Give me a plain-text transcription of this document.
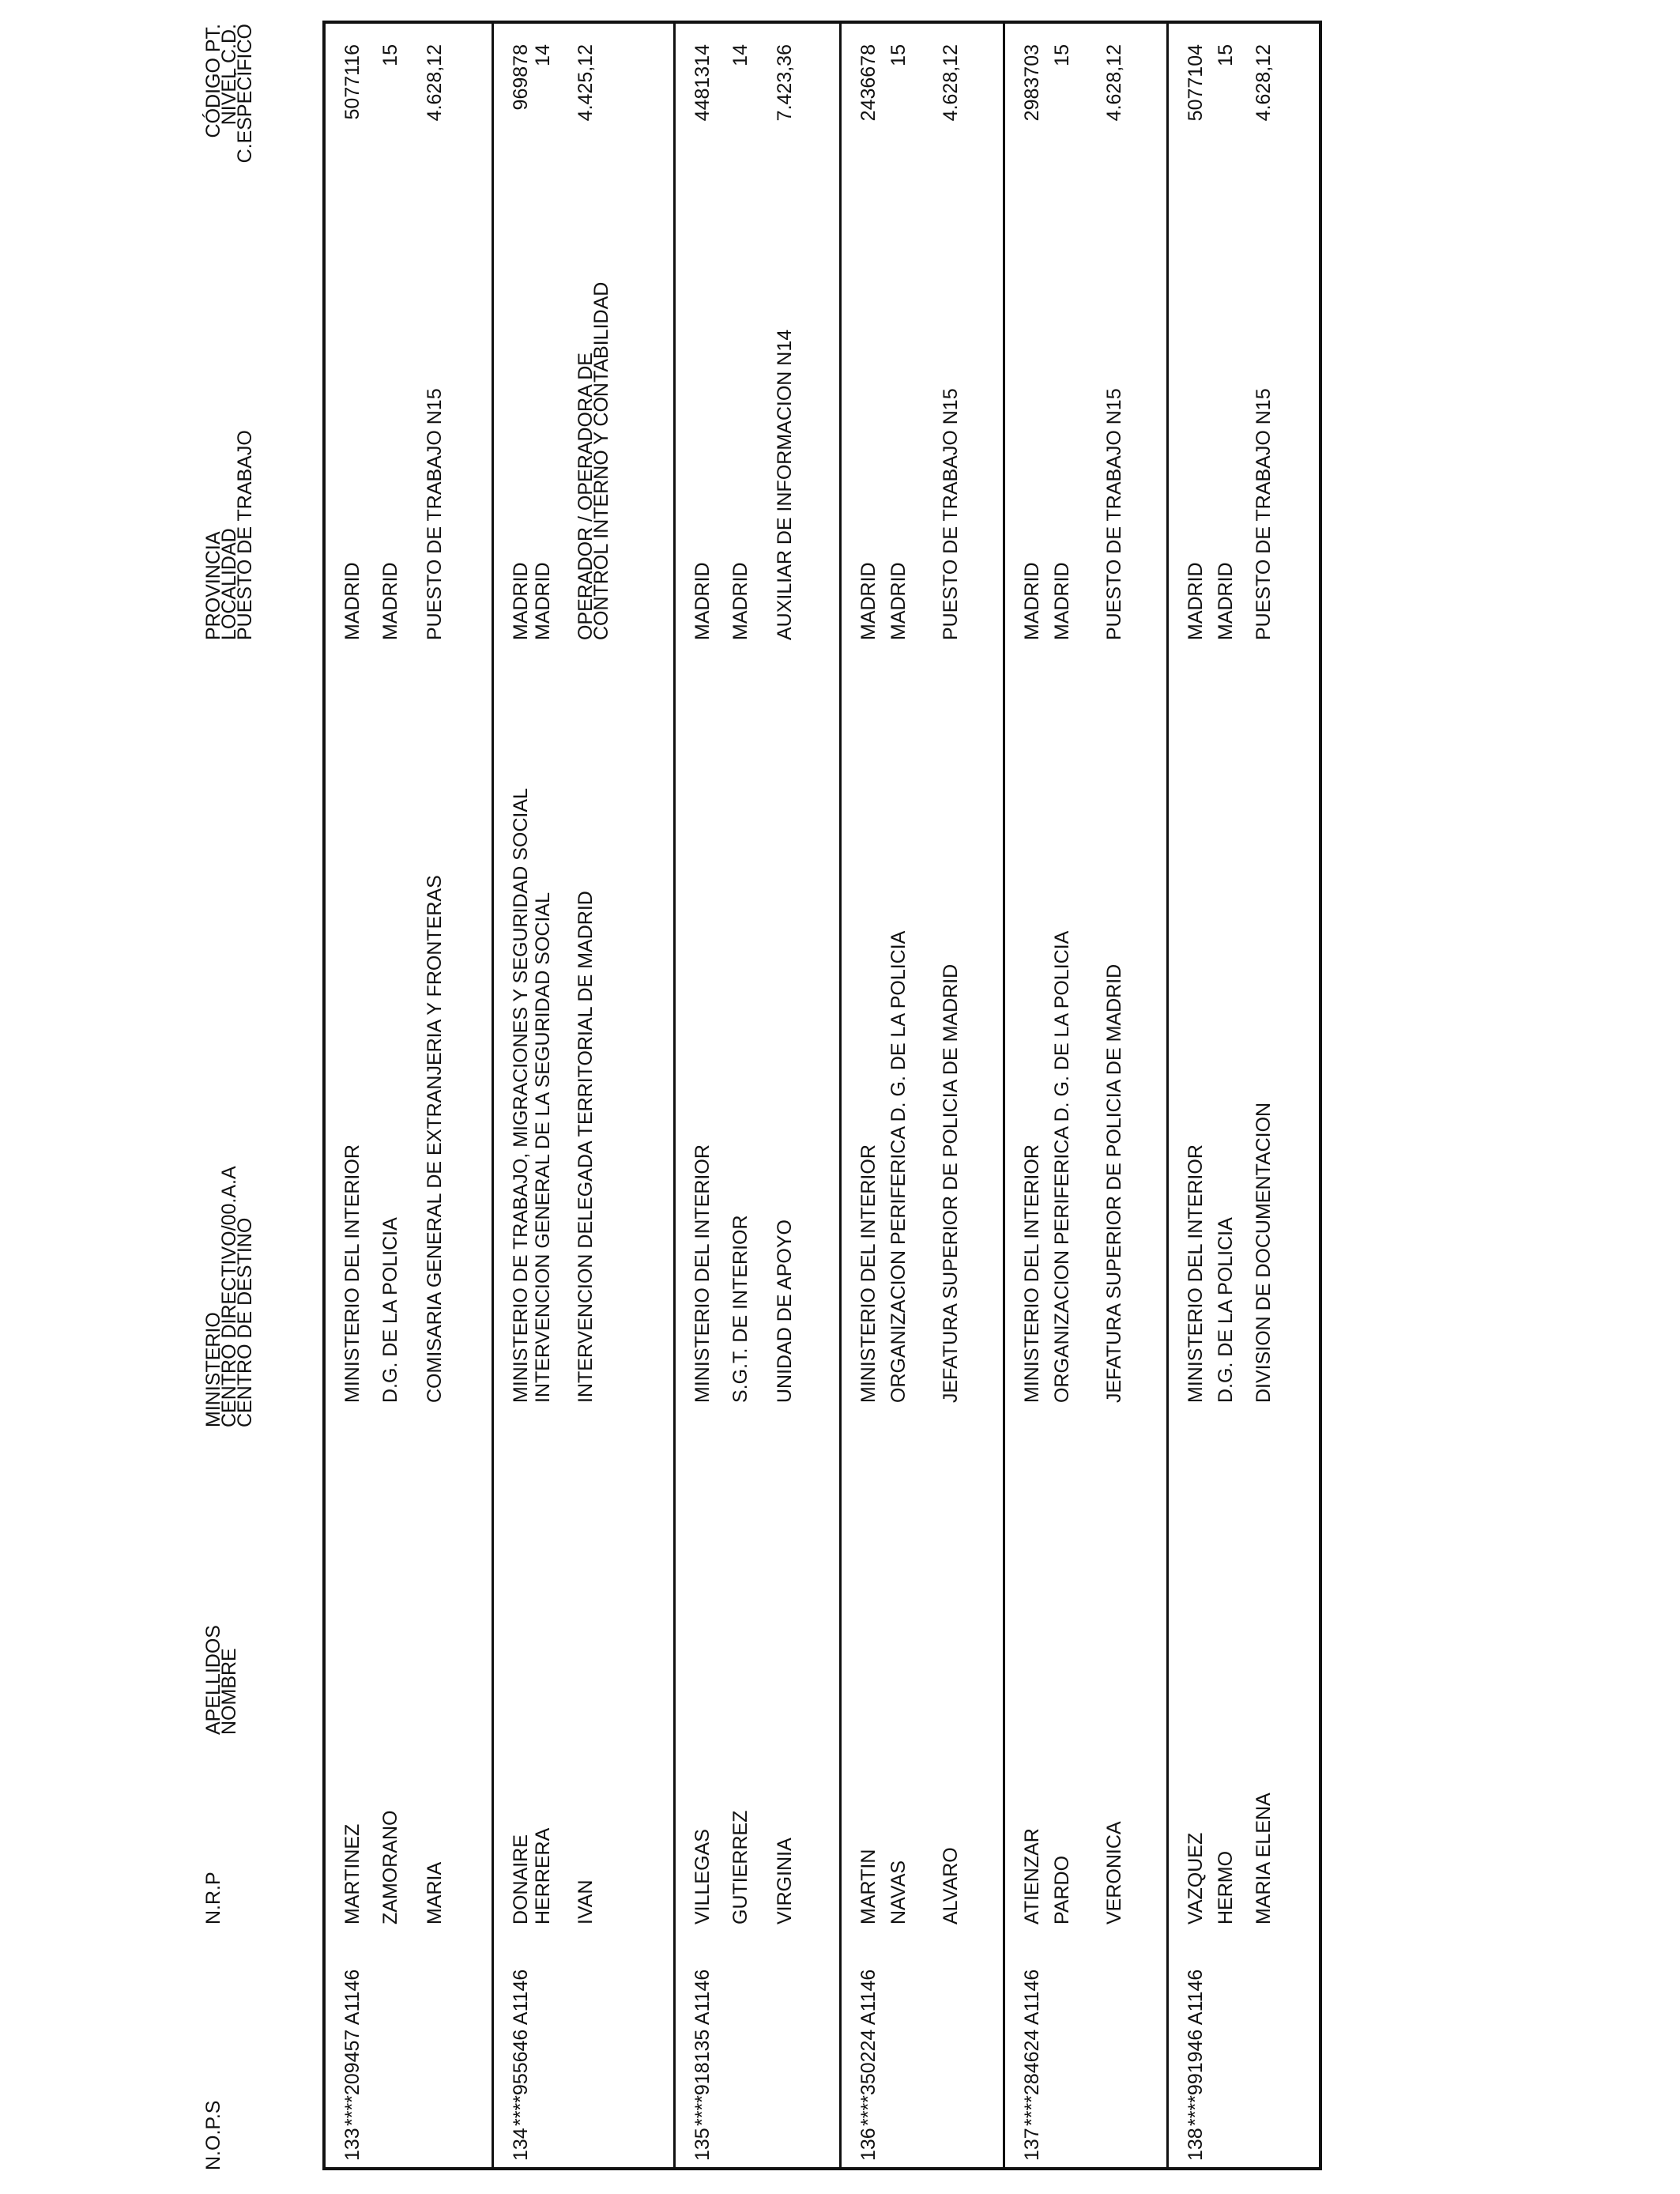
N.O.P.S
N.R.P
APELLIDOS
NOMBRE
MINISTERIO
CENTRO DIRECTIVO/00.A.A
CENTRO DE DESTINO
PROVINCIA
LOCALIDAD
PUESTO DE TRABAJO
CÓDIGO PT.
NIVEL C.D.
C.ESPECÍFICO
133
****209457 A1146
MARTINEZ ZAMORANO MARIA
MINISTERIO DEL INTERIOR D.G. DE LA POLICIA COMISARIA GENERAL DE EXTRANJERIA Y FRONTERAS
MADRID MADRID PUESTO DE TRABAJO N15
5077116 15 4.628,12
134
****955646 A1146
DONAIRE HERRERA IVAN
MINISTERIO DE TRABAJO, MIGRACIONES Y SEGURIDAD SOCIAL INTERVENCION GENERAL DE LA SEGURIDAD SOCIAL INTERVENCION DELEGADA TERRITORIAL DE MADRID
MADRID MADRID OPERADOR / OPERADORA DE CONTROL INTERNO Y CONTABILIDAD
969878 14 4.425,12
135
****918135 A1146
VILLEGAS GUTIERREZ VIRGINIA
MINISTERIO DEL INTERIOR S.G.T. DE INTERIOR UNIDAD DE APOYO
MADRID MADRID AUXILIAR DE INFORMACION N14
4481314 14 7.423,36
136
****350224 A1146
MARTIN NAVAS ALVARO
MINISTERIO DEL INTERIOR ORGANIZACION PERIFERICA D. G. DE LA POLICIA JEFATURA SUPERIOR DE POLICIA DE MADRID
MADRID MADRID PUESTO DE TRABAJO N15
2436678 15 4.628,12
137
****284624 A1146
ATIENZAR PARDO VERONICA
MINISTERIO DEL INTERIOR ORGANIZACION PERIFERICA D. G. DE LA POLICIA JEFATURA SUPERIOR DE POLICIA DE MADRID
MADRID MADRID PUESTO DE TRABAJO N15
2983703 15 4.628,12
138
****991946 A1146
VAZQUEZ HERMO MARIA ELENA
MINISTERIO DEL INTERIOR D.G. DE LA POLICIA DIVISION DE DOCUMENTACION
MADRID MADRID PUESTO DE TRABAJO N15
5077104 15 4.628,12
